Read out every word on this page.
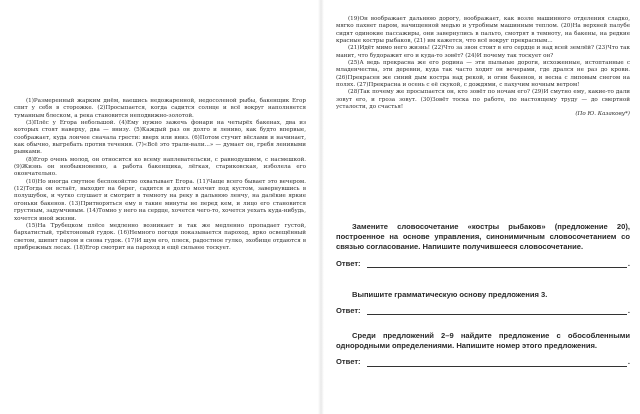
(1)Размеренный жарким днём, ваешись недожаренной, недосоленой рыбы, бакенщик Егор спит у себя в сторожке. (2)Просыпается, когда садится солнце и всё вокруг наполняется туманным блеском, а река становится неподвижно-золотой.

(3)Плёс у Егора небольшой. (4)Ему нужно зажечь фонари на четырёх бакенах, два из которых стоят наверху, два — внизу. (5)Каждый раз он долго и лениво, как будто впервые, соображает, куда лончее сначала грести: вверх или вниз. (6)Потом стучит вёслами и начинает, как обычно, выгребать против течения. (7)«Всё это трали-вали...» — думает он, гребя ленивыми рывками.

(8)Егор очень молод, он относится ко всему наплевательски, с равнодушием, с насмешкой. (9)Жизнь он необыкновенно, а работа бакенщика, лёгкая, стариковская, изболела его окончательно.

(10)Но иногда смутное беспокойство охватывает Егора. (11)Чаще всего бывает это вечером. (12)Тогда он встаёт, выходит на берег, садится и долго молчит под кустом, завернувшись в полушубок, и чутко слушает и смотрит в темноту на реку в дальнюю ленчу, на далёкие яркие огоньки бакенов. (13)Притворяться ему в такие минуты не перед кем, и лицо его становится грустным, задумчивым. (14)Томно у него на сердце, хочется чего-то, хочется уехать куда-нибудь, хочется иной жизни.

(15)На Трубецком плёсе медленно возникает и так же медленно пропадает густой, бархатистый, трёхтоновый гудок. (16)Немного погодя показывается пароход, ярко освещённый светом, шипит паром и снова гудок. (17)И шум его, плеск, радостное гулко, эхобище отдаются в прибрежных лесах. (18)Егор смотрит на пароход и ещё сильнее тоскует.

(19)Он воображает дальнюю дорогу, воображает, как возле машинного отделения сладко, мягко пахнет паром, начищенной медью и утробным машинным теплом. (20)На верхней палубе сидят одинокие пассажиры, они завернулись в пальто, смотрят в темноту, на бакены, на редкие красные костры рыбаков, (21) им кажется, что всё вокруг прекрасным...

(21)Идёт мимо него жизнь! (22)Что за звон стоит в его сердце и над всей землёй? (23)Что так манит, что будоражит его и куда-то зовёт? (24)И почему так тоскует он?

(25)А ведь прекрасна же его родина — эти пыльные дороги, исхоженные, истоптанные с младенчества, эти деревни, куда так часто ходит он вечерами, где дрался не раз до крови. (26)Прекрасен же синий дым костра над рекой, и огни бакенов, и весна с липовым снегом на полях. (27)Прекрасна и осень с её скукой, с дождями, с пахучим ночным ветром!

(28)Так почему же просыпается он, кто зовёт по ночам его? (29)И смутно ему, какие-то дали зовут его, и гроза зовут. (30)Зовёт тоска по работе, по настоящему труду — до смертной усталости, до счастья!

(По Ю. Казакову*)

Замените словосочетание «костры рыбаков» (предложение 20), построенное на основе управления, синонимичным словосочетанием со связью согласование. Напишите получившееся словосочетание.

Ответ:	.

Выпишите грамматическую основу предложения 3.

Ответ:	.

Среди предложений 2–9 найдите предложение с обособленными однородными определениями. Напишите номер этого предложения.

Ответ:	.
